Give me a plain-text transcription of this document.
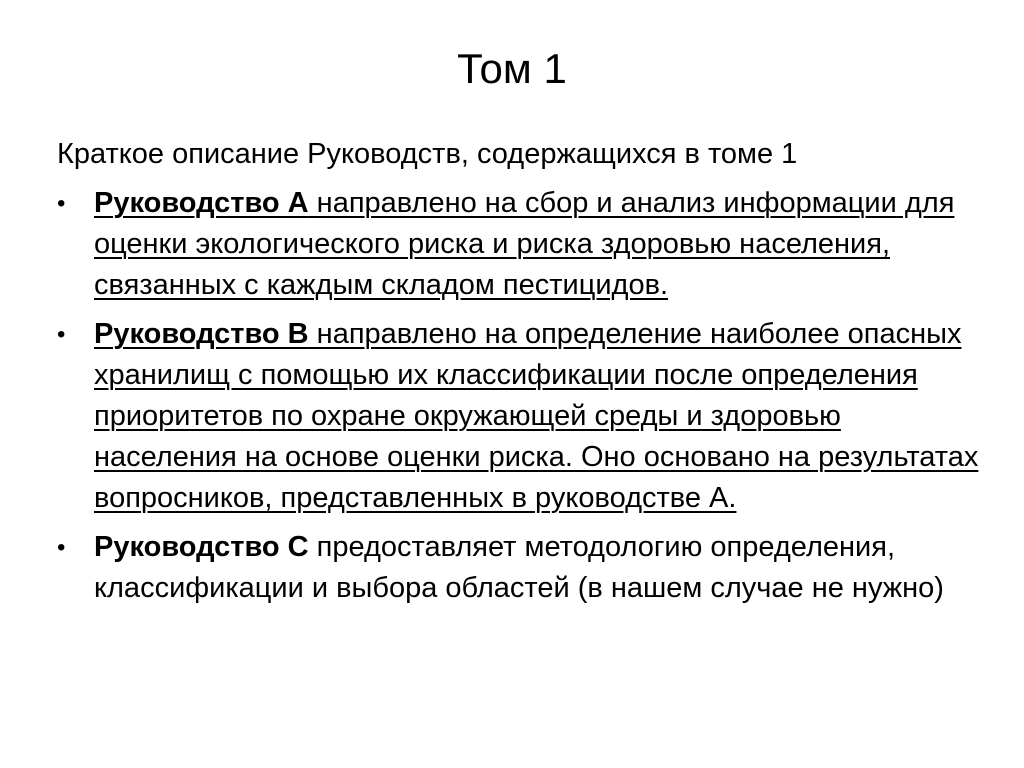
Том 1
Краткое описание Руководств, содержащихся в томе 1
• Руководство А направлено на сбор и анализ информации для оценки экологического риска и риска здоровью населения, связанных с каждым складом пестицидов.
• Руководство В направлено на определение наиболее опасных хранилищ с помощью их классификации после определения приоритетов по охране окружающей среды и здоровью населения на основе оценки риска. Оно основано на результатах вопросников, представленных в руководстве А.
• Руководство С предоставляет методологию определения, классификации и выбора областей (в нашем случае не нужно)
